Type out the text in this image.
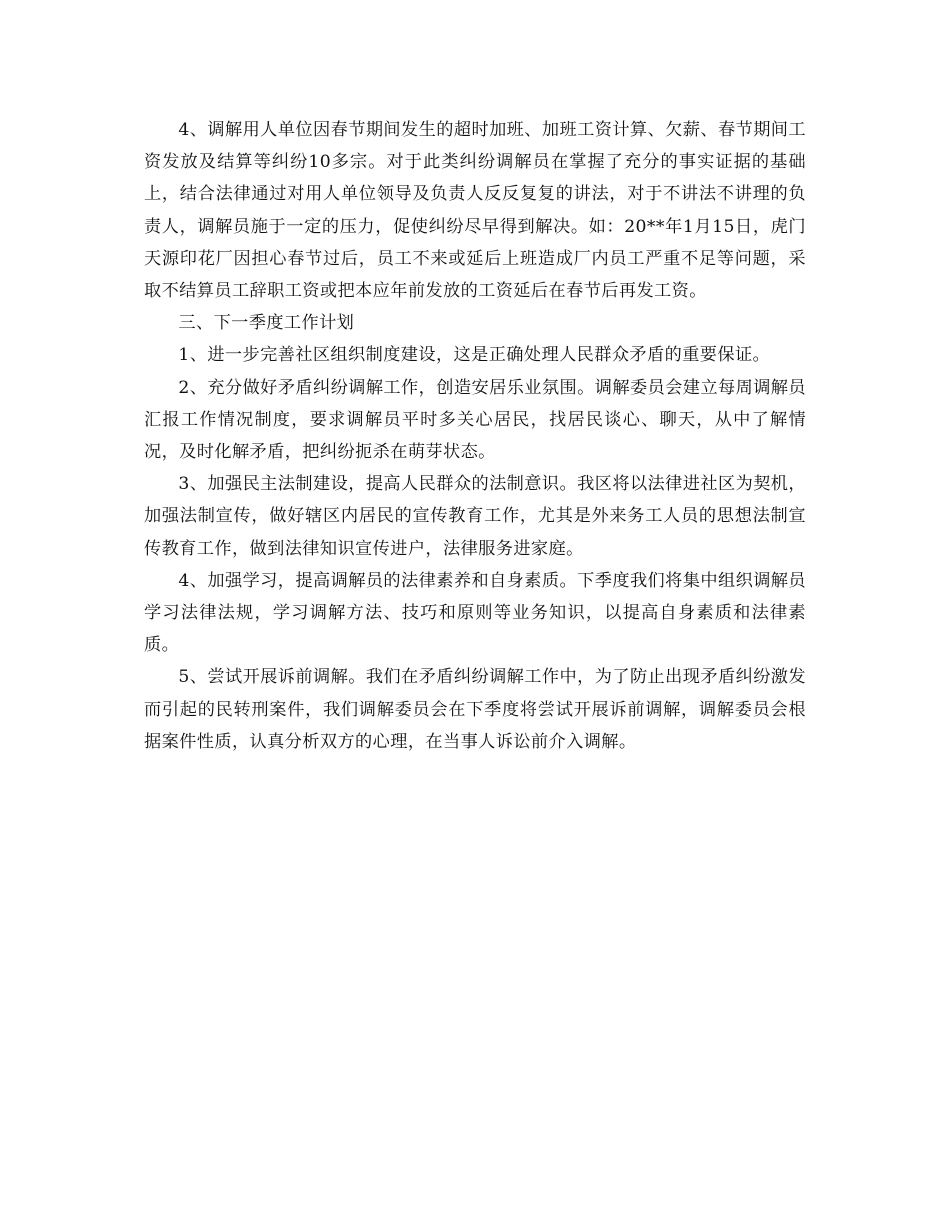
4、调解用人单位因春节期间发生的超时加班、加班工资计算、欠薪、春节期间工资发放及结算等纠纷10多宗。对于此类纠纷调解员在掌握了充分的事实证据的基础上，结合法律通过对用人单位领导及负责人反反复复的讲法，对于不讲法不讲理的负责人，调解员施于一定的压力，促使纠纷尽早得到解决。如：20**年1月15日，虎门天源印花厂因担心春节过后，员工不来或延后上班造成厂内员工严重不足等问题，采取不结算员工辞职工资或把本应年前发放的工资延后在春节后再发工资。

三、下一季度工作计划

1、进一步完善社区组织制度建设，这是正确处理人民群众矛盾的重要保证。

2、充分做好矛盾纠纷调解工作，创造安居乐业氛围。调解委员会建立每周调解员汇报工作情况制度，要求调解员平时多关心居民，找居民谈心、聊天，从中了解情况，及时化解矛盾，把纠纷扼杀在萌芽状态。

3、加强民主法制建设，提高人民群众的法制意识。我区将以法律进社区为契机，加强法制宣传，做好辖区内居民的宣传教育工作，尤其是外来务工人员的思想法制宣传教育工作，做到法律知识宣传进户，法律服务进家庭。

4、加强学习，提高调解员的法律素养和自身素质。下季度我们将集中组织调解员学习法律法规，学习调解方法、技巧和原则等业务知识，以提高自身素质和法律素质。

5、尝试开展诉前调解。我们在矛盾纠纷调解工作中，为了防止出现矛盾纠纷激发而引起的民转刑案件，我们调解委员会在下季度将尝试开展诉前调解，调解委员会根据案件性质，认真分析双方的心理，在当事人诉讼前介入调解。
